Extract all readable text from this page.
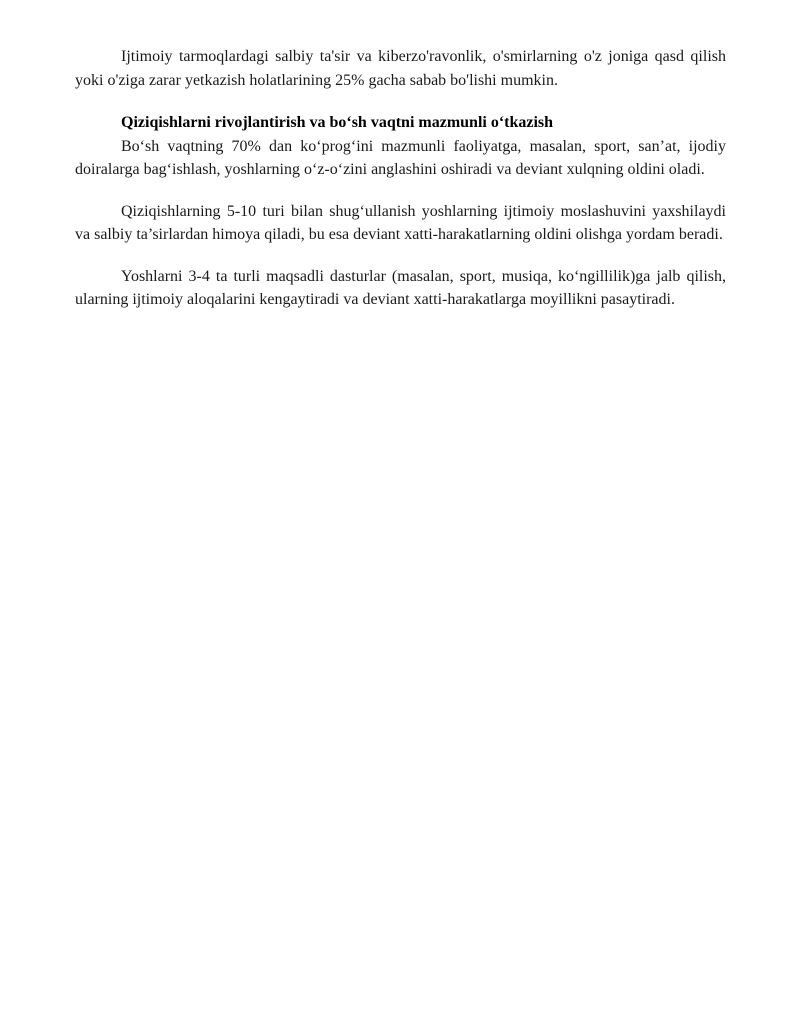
Ijtimoiy tarmoqlardagi salbiy ta'sir va kiberzo'ravonlik, o'smirlarning o'z joniga qasd qilish yoki o'ziga zarar yetkazish holatlarining 25% gacha sabab bo'lishi mumkin.

Qiziqishlarni rivojlantirish va bo‘sh vaqtni mazmunli o‘tkazish

Bo‘sh vaqtning 70% dan ko‘prog‘ini mazmunli faoliyatga, masalan, sport, san’at, ijodiy doiralarga bag‘ishlash, yoshlarning o‘z-o‘zini anglashini oshiradi va deviant xulqning oldini oladi.

Qiziqishlarning 5-10 turi bilan shug‘ullanish yoshlarning ijtimoiy moslashuvini yaxshilaydi va salbiy ta’sirlardan himoya qiladi, bu esa deviant xatti-harakatlarning oldini olishga yordam beradi.

Yoshlarni 3-4 ta turli maqsadli dasturlar (masalan, sport, musiqa, ko‘ngillilik)ga jalb qilish, ularning ijtimoiy aloqalarini kengaytiradi va deviant xatti-harakatlarga moyillikni pasaytiradi.
